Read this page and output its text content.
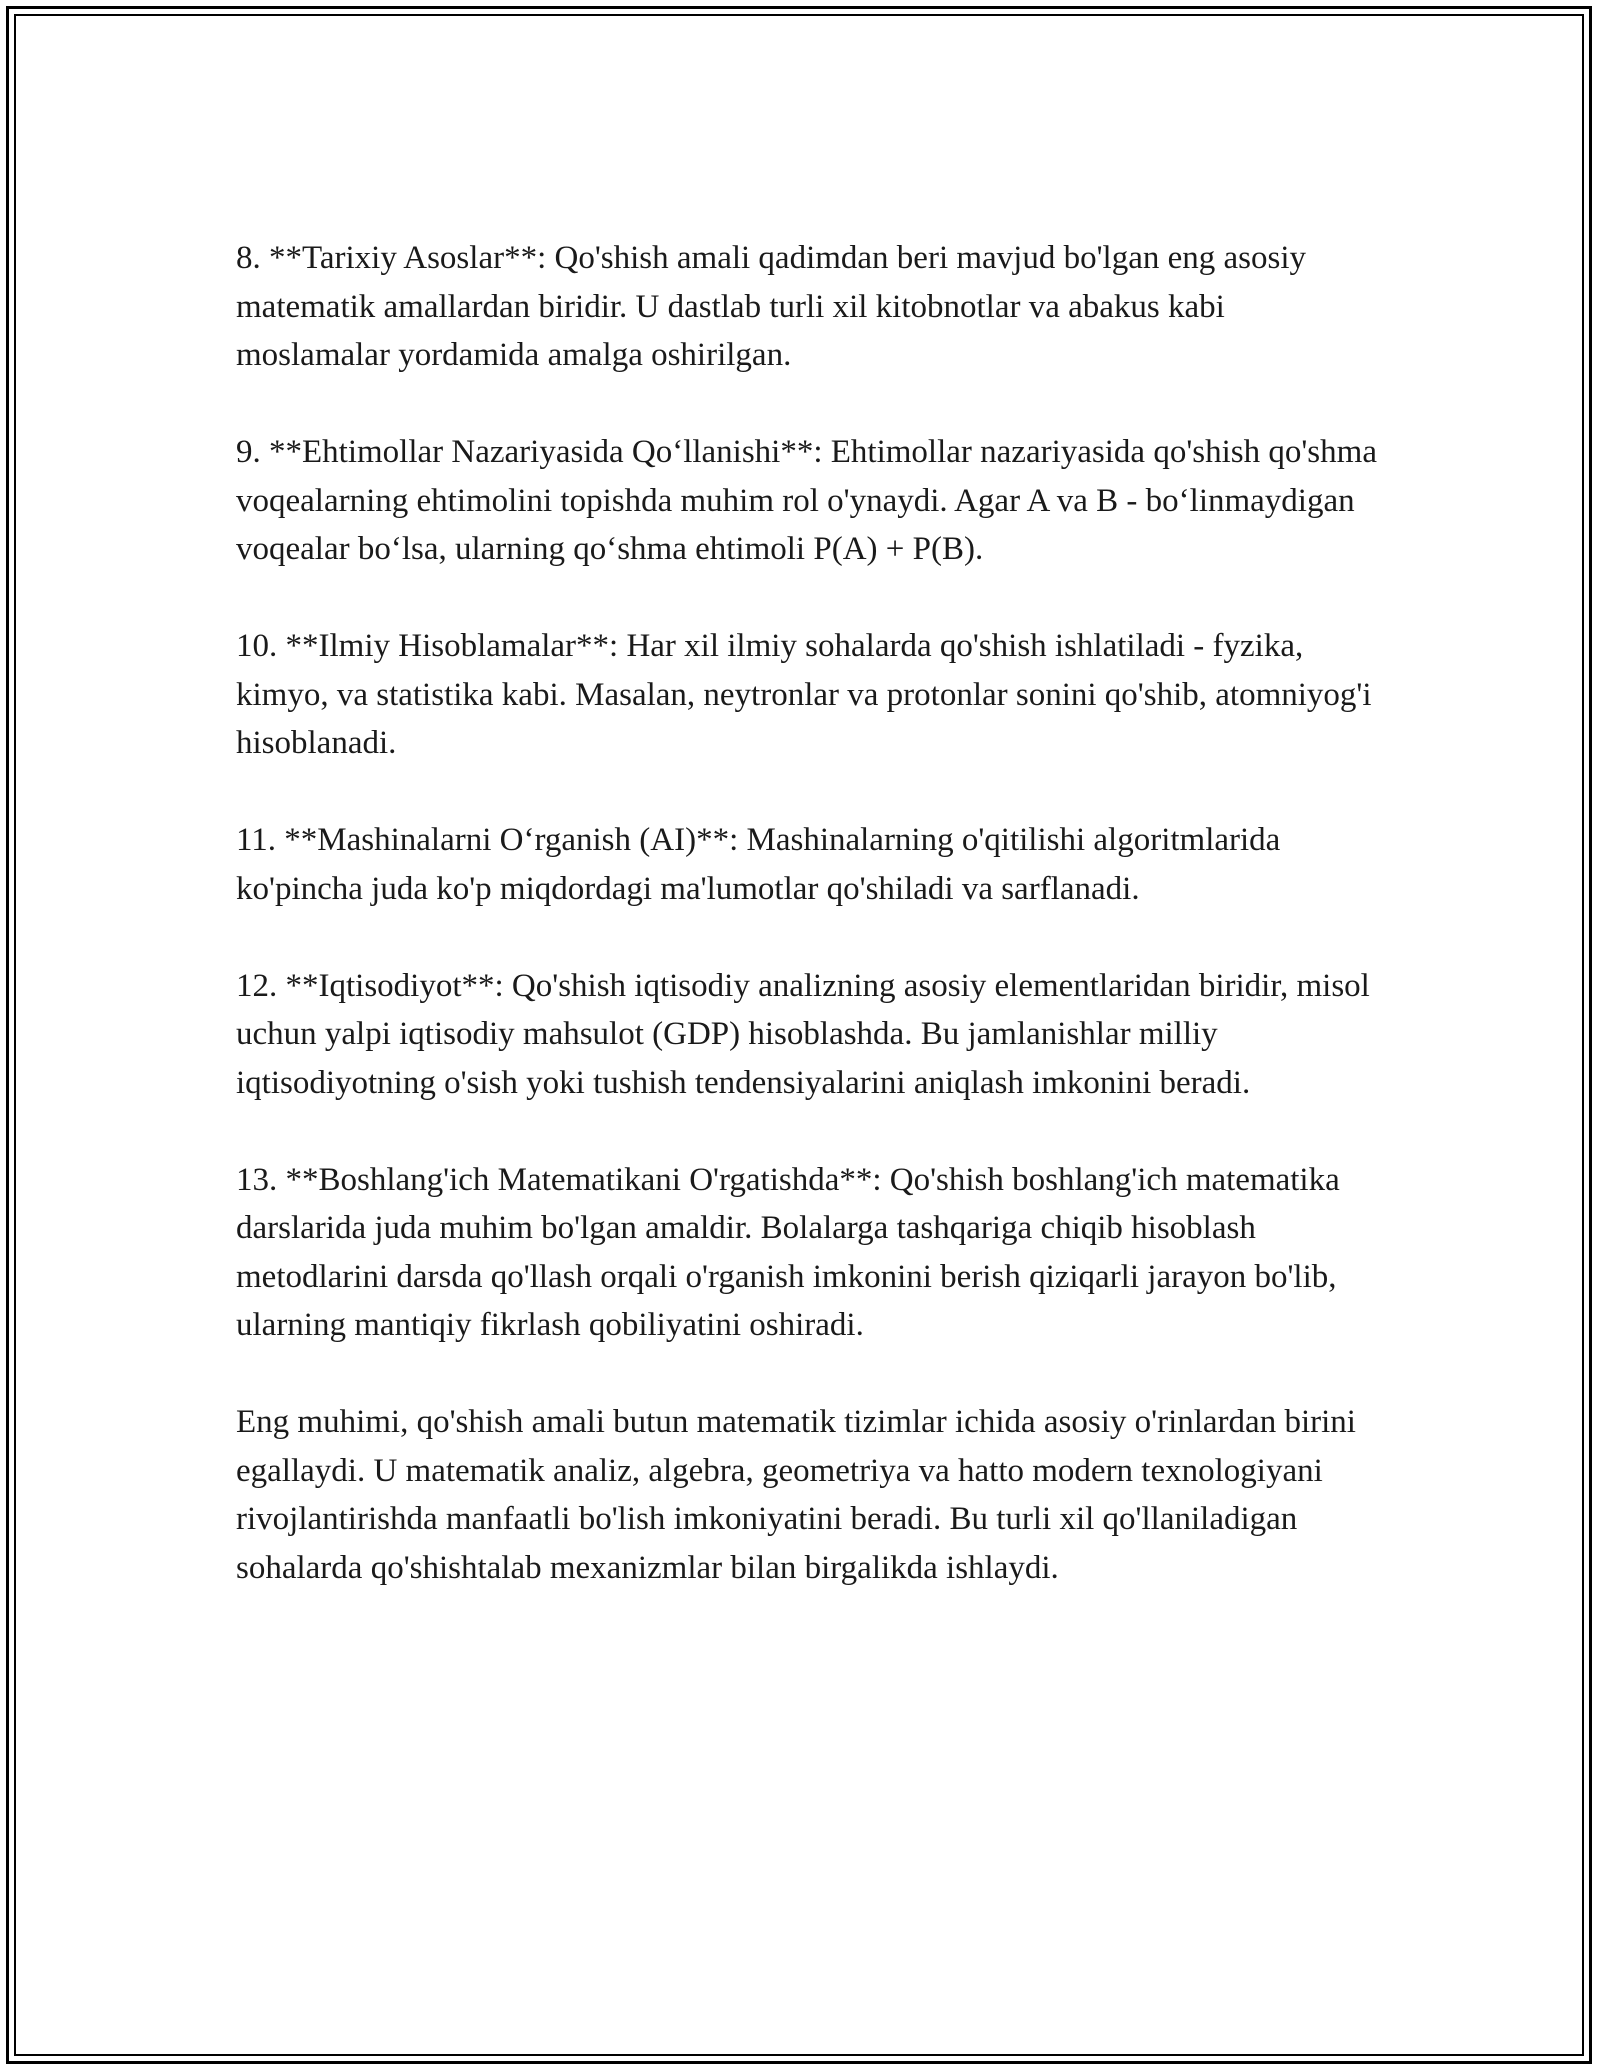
8. **Tarixiy Asoslar**: Qo'shish amali qadimdan beri mavjud bo'lgan eng asosiy matematik amallardan biridir. U dastlab turli xil kitobnotlar va abakus kabi moslamalar yordamida amalga oshirilgan.

9. **Ehtimollar Nazariyasida Qo‘llanishi**: Ehtimollar nazariyasida qo'shish qo'shma voqealarning ehtimolini topishda muhim rol o'ynaydi. Agar A va B - bo‘linmaydigan voqealar bo‘lsa, ularning qo‘shma ehtimoli P(A) + P(B).

10. **Ilmiy Hisoblamalar**: Har xil ilmiy sohalarda qo'shish ishlatiladi - fyzika, kimyo, va statistika kabi. Masalan, neytronlar va protonlar sonini qo'shib, atomniyog'i hisoblanadi.

11. **Mashinalarni O‘rganish (AI)**: Mashinalarning o'qitilishi algoritmlarida ko'pincha juda ko'p miqdordagi ma'lumotlar qo'shiladi va sarflanadi.

12. **Iqtisodiyot**: Qo'shish iqtisodiy analizning asosiy elementlaridan biridir, misol uchun yalpi iqtisodiy mahsulot (GDP) hisoblashda. Bu jamlanishlar milliy iqtisodiyotning o'sish yoki tushish tendensiyalarini aniqlash imkonini beradi.

13. **Boshlang'ich Matematikani O'rgatishda**: Qo'shish boshlang'ich matematika darslarida juda muhim bo'lgan amaldir. Bolalarga tashqariga chiqib hisoblash metodlarini darsda qo'llash orqali o'rganish imkonini berish qiziqarli jarayon bo'lib, ularning mantiqiy fikrlash qobiliyatini oshiradi.

Eng muhimi, qo'shish amali butun matematik tizimlar ichida asosiy o'rinlardan birini egallaydi. U matematik analiz, algebra, geometriya va hatto modern texnologiyani rivojlantirishda manfaatli bo'lish imkoniyatini beradi. Bu turli xil qo'llaniladigan sohalarda qo'shishtalab mexanizmlar bilan birgalikda ishlaydi.
